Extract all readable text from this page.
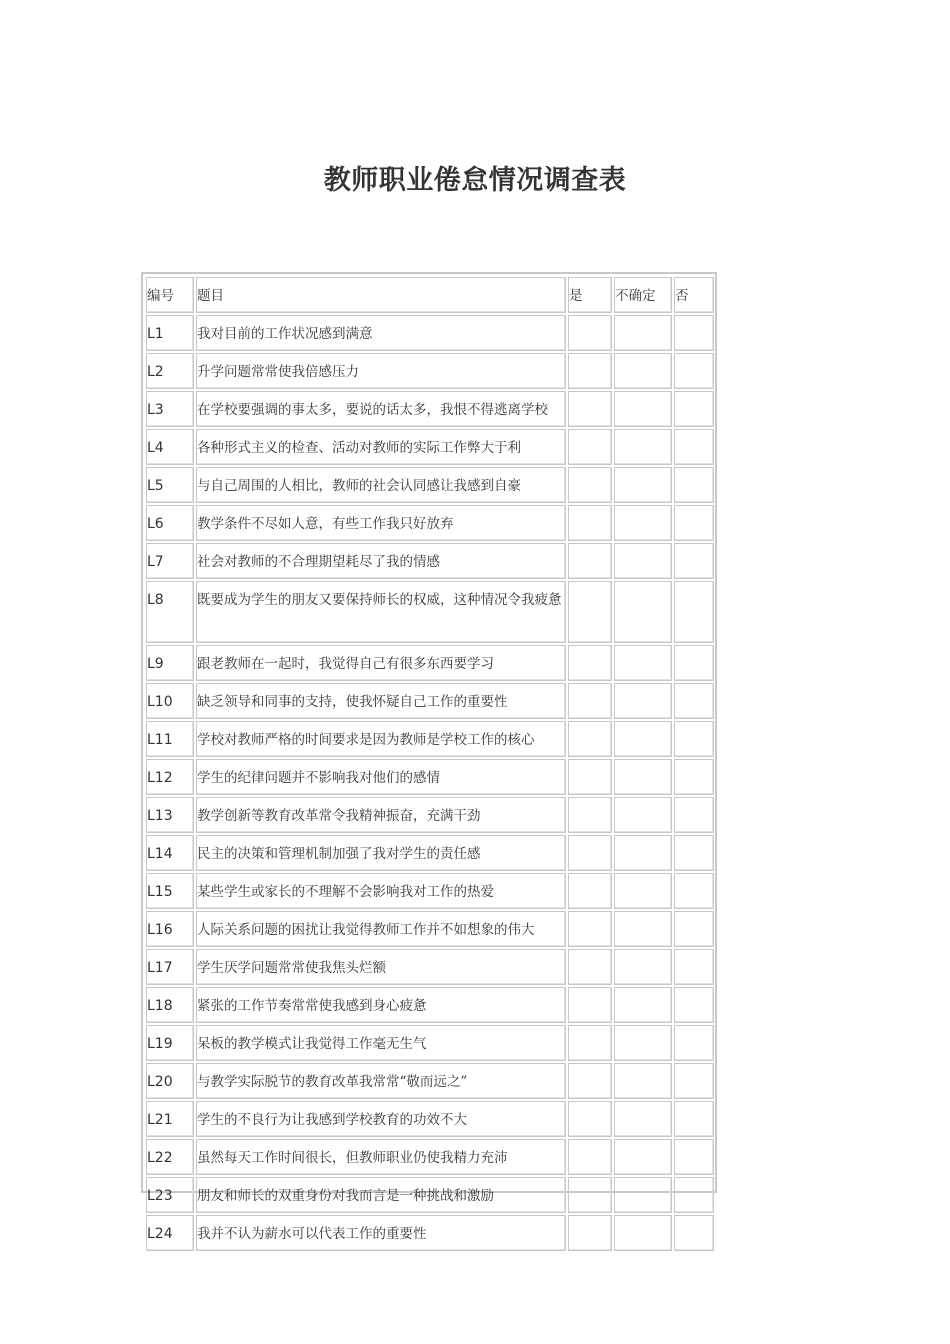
教师职业倦怠情况调查表
编号	题目	是	不确定	否
L1	我对目前的工作状况感到满意			
L2	升学问题常常使我倍感压力			
L3	在学校要强调的事太多，要说的话太多，我恨不得逃离学校			
L4	各种形式主义的检查、活动对教师的实际工作弊大于利			
L5	与自己周围的人相比，教师的社会认同感让我感到自豪			
L6	教学条件不尽如人意，有些工作我只好放弃			
L7	社会对教师的不合理期望耗尽了我的情感			
L8	既要成为学生的朋友又要保持师长的权威，这种情况令我疲惫			
L9	跟老教师在一起时，我觉得自己有很多东西要学习			
L10	缺乏领导和同事的支持，使我怀疑自己工作的重要性			
L11	学校对教师严格的时间要求是因为教师是学校工作的核心			
L12	学生的纪律问题并不影响我对他们的感情			
L13	教学创新等教育改革常令我精神振奋，充满干劲			
L14	民主的决策和管理机制加强了我对学生的责任感			
L15	某些学生或家长的不理解不会影响我对工作的热爱			
L16	人际关系问题的困扰让我觉得教师工作并不如想象的伟大			
L17	学生厌学问题常常使我焦头烂额			
L18	紧张的工作节奏常常使我感到身心疲惫			
L19	呆板的教学模式让我觉得工作毫无生气			
L20	与教学实际脱节的教育改革我常常“敬而远之”			
L21	学生的不良行为让我感到学校教育的功效不大			
L22	虽然每天工作时间很长，但教师职业仍使我精力充沛			
L23	朋友和师长的双重身份对我而言是一种挑战和激励			
L24	我并不认为薪水可以代表工作的重要性			
